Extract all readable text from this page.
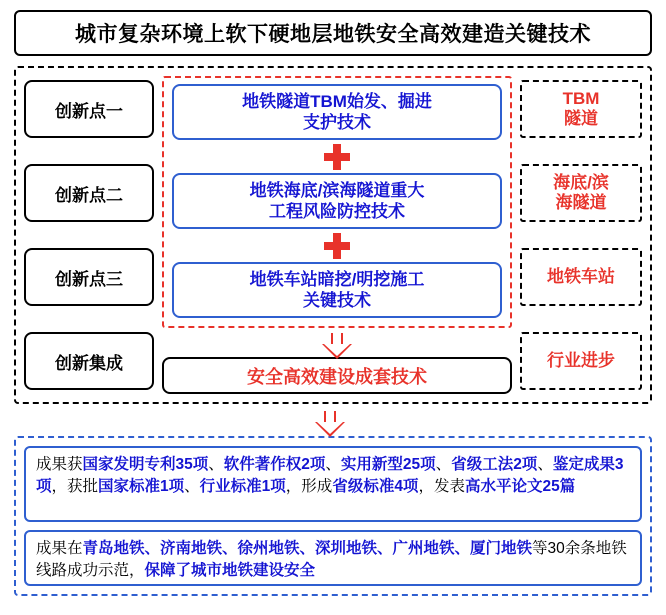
城市复杂环境上软下硬地层地铁安全高效建造关键技术
创新点一
创新点二
创新点三
创新集成
地铁隧道TBM始发、掘进
支护技术
地铁海底/滨海隧道重大
工程风险防控技术
地铁车站暗挖/明挖施工
关键技术
安全高效建设成套技术
TBM
隧道
海底/滨
海隧道
地铁车站
行业进步
成果获国家发明专利35项、软件著作权2项、实用新型25项、省级工法2项、鉴定成果3项，获批国家标准1项、行业标准1项，形成省级标准4项，发表高水平论文25篇
成果在青岛地铁、济南地铁、徐州地铁、深圳地铁、广州地铁、厦门地铁等30余条地铁线路成功示范，保障了城市地铁建设安全
